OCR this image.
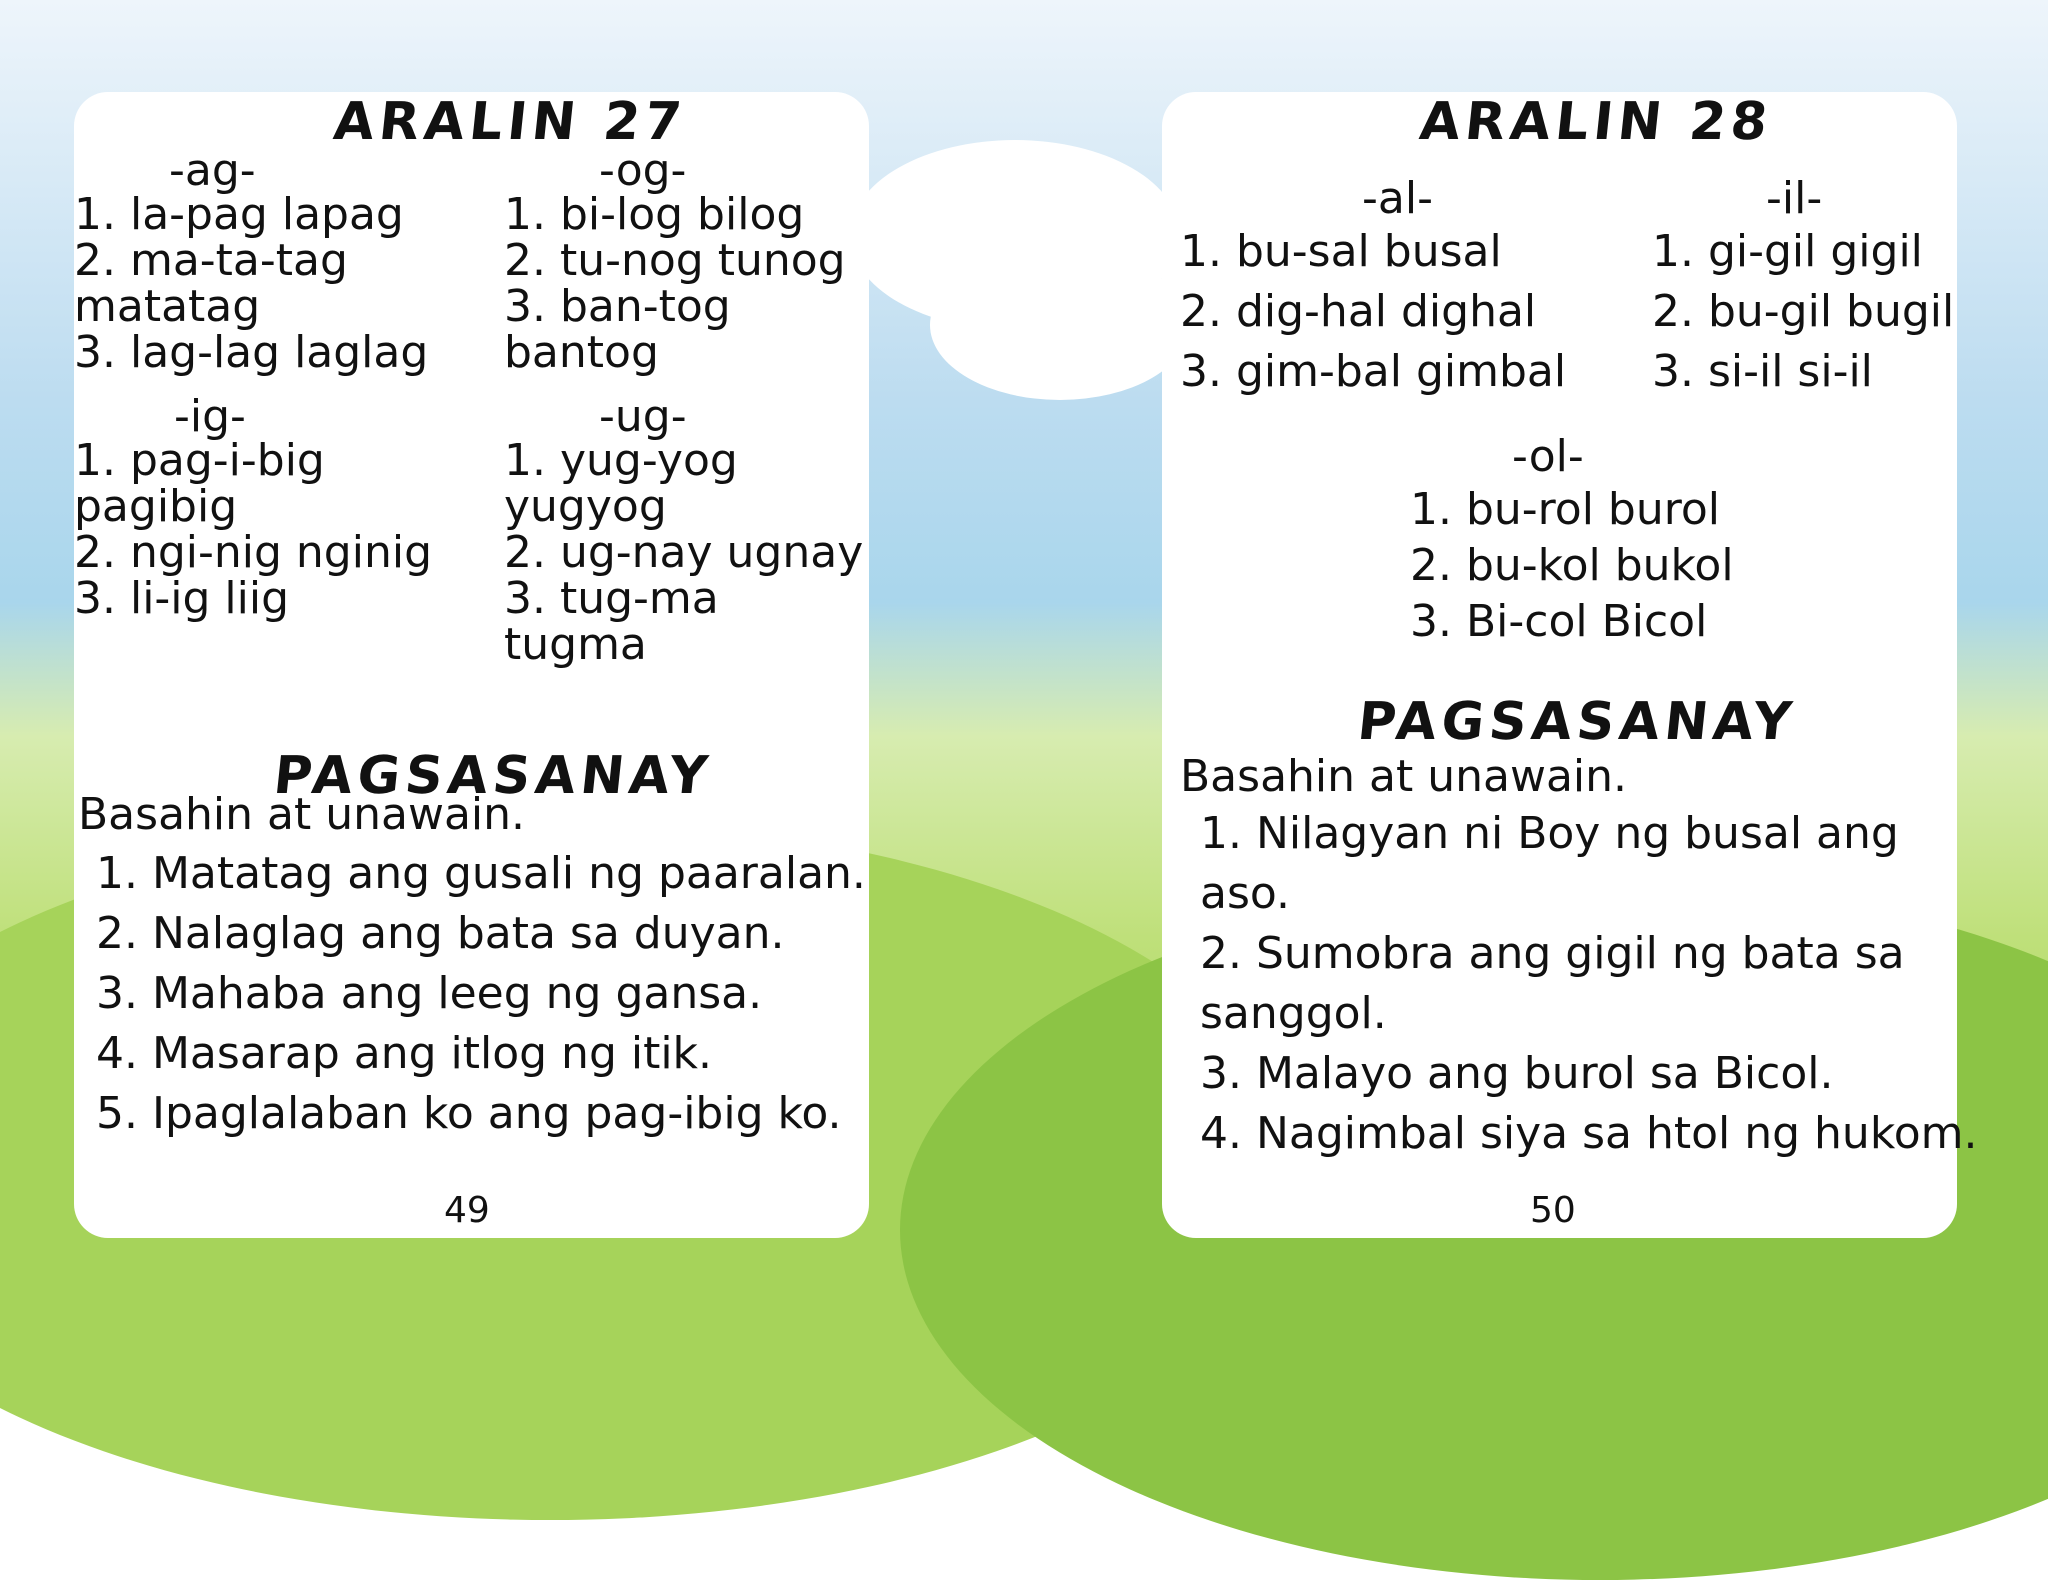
ARALIN 27
-ag-
1. la-pag lapag
2. ma-ta-tag
matatag
3. lag-lag laglag
-og-
1. bi-log bilog
2. tu-nog tunog
3. ban-tog
bantog
-ig-
1. pag-i-big
pagibig
2. ngi-nig nginig
3. li-ig liig
-ug-
1. yug-yog
yugyog
2. ug-nay ugnay
3. tug-ma
tugma
PAGSASANAY
Basahin at unawain.
1. Matatag ang gusali ng paaralan.
2. Nalaglag ang bata sa duyan.
3. Mahaba ang leeg ng gansa.
4. Masarap ang itlog ng itik.
5. Ipaglalaban ko ang pag-ibig ko.
49
ARALIN 28
-al-
1. bu-sal busal
2. dig-hal dighal
3. gim-bal gimbal
-il-
1. gi-gil gigil
2. bu-gil bugil
3. si-il si-il
-ol-
1. bu-rol burol
2. bu-kol bukol
3. Bi-col Bicol
PAGSASANAY
Basahin at unawain.
1. Nilagyan ni Boy ng busal ang
aso.
2. Sumobra ang gigil ng bata sa
sanggol.
3. Malayo ang burol sa Bicol.
4. Nagimbal siya sa htol ng hukom.
50
